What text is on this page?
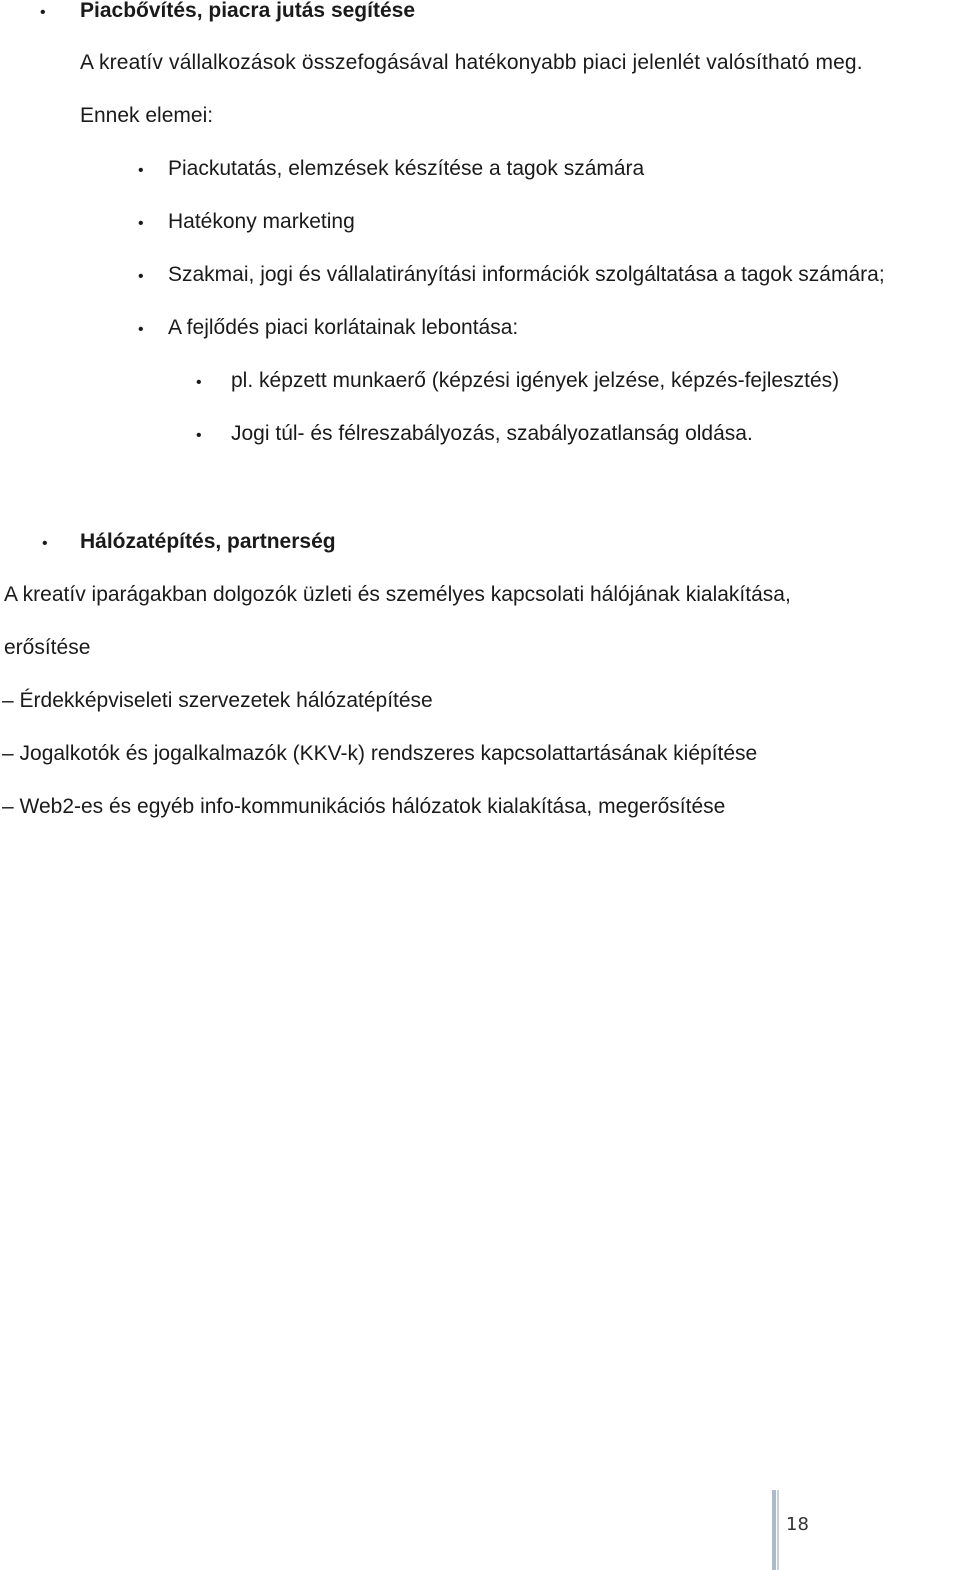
• Piacbővítés, piacra jutás segítése
A kreatív vállalkozások összefogásával hatékonyabb piaci jelenlét valósítható meg.
Ennek elemei:
• Piackutatás, elemzések készítése a tagok számára
• Hatékony marketing
• Szakmai, jogi és vállalatirányítási információk szolgáltatása a tagok számára;
• A fejlődés piaci korlátainak lebontása:
• pl. képzett munkaerő (képzési igények jelzése, képzés-fejlesztés)
• Jogi túl- és félreszabályozás, szabályozatlanság oldása.
• Hálózatépítés, partnerség
A kreatív iparágakban dolgozók üzleti és személyes kapcsolati hálójának kialakítása,
erősítése
– Érdekképviseleti szervezetek hálózatépítése
– Jogalkotók és jogalkalmazók (KKV-k) rendszeres kapcsolattartásának kiépítése
– Web2-es és egyéb info-kommunikációs hálózatok kialakítása, megerősítése
18
